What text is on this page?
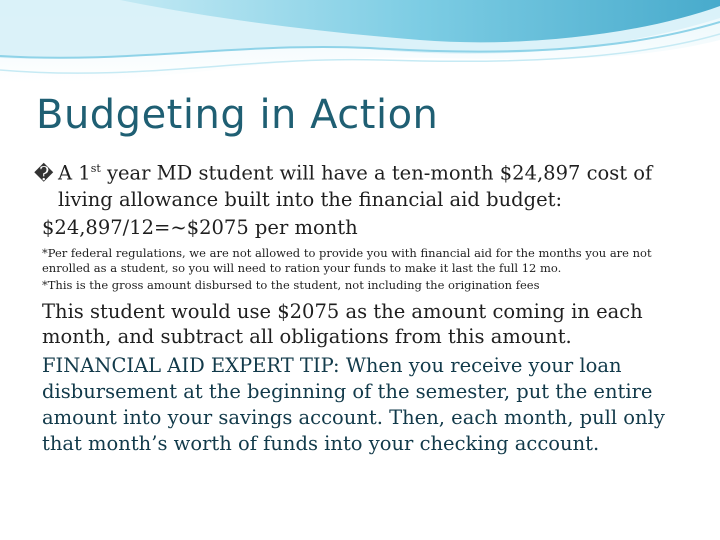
Budgeting in Action
� A 1st year MD student will have a ten-month $24,897 cost of living allowance built into the financial aid budget:
$24,897/12=~$2075 per month
*Per federal regulations, we are not allowed to provide you with financial aid for the months you are not enrolled as a student, so you will need to ration your funds to make it last the full 12 mo.
*This is the gross amount disbursed to the student, not including the origination fees
This student would use $2075 as the amount coming in each month, and subtract all obligations from this amount.
FINANCIAL AID EXPERT TIP: When you receive your loan disbursement at the beginning of the semester, put the entire amount into your savings account. Then, each month, pull only that month’s worth of funds into your checking account.
